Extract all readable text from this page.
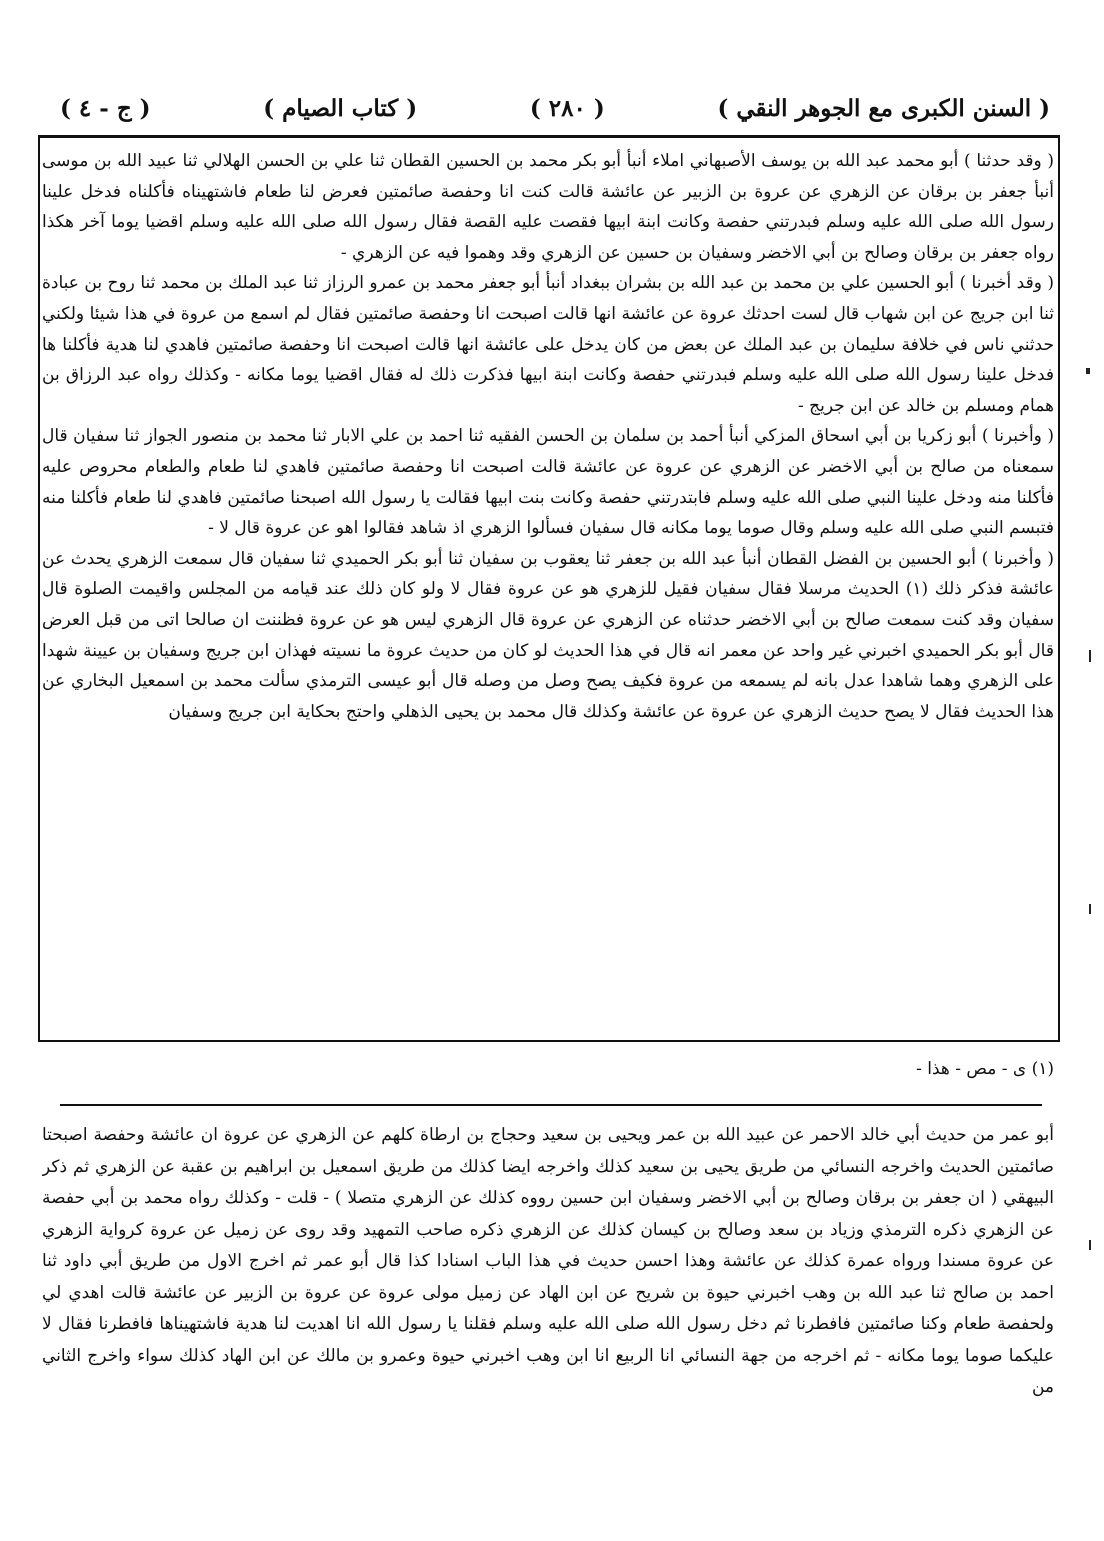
( السنن الكبرى مع الجوهر النقي )
( ٢٨٠ )
( كتاب الصيام )
( ج - ٤ )

( وقد حدثنا ) أبو محمد عبد الله بن يوسف الأصبهاني املاء أنبأ أبو بكر محمد بن الحسين القطان ثنا علي بن الحسن الهلالي ثنا عبيد الله بن موسى أنبأ جعفر بن برقان عن الزهري عن عروة بن الزبير عن عائشة قالت كنت انا وحفصة صائمتين فعرض لنا طعام فاشتهيناه فأكلناه فدخل علينا رسول الله صلى الله عليه وسلم فبدرتني حفصة وكانت ابنة ابيها فقصت عليه القصة فقال رسول الله صلى الله عليه وسلم اقضيا يوما آخر هكذا رواه جعفر بن برقان وصالح بن أبي الاخضر وسفيان بن حسين عن الزهري وقد وهموا فيه عن الزهري -

( وقد أخبرنا ) أبو الحسين علي بن محمد بن عبد الله بن بشران ببغداد أنبأ أبو جعفر محمد بن عمرو الرزاز ثنا عبد الملك بن محمد ثنا روح بن عبادة ثنا ابن جريج عن ابن شهاب قال لست احدثك عروة عن عائشة انها قالت اصبحت انا وحفصة صائمتين فقال لم اسمع من عروة في هذا شيئا ولكني حدثني ناس في خلافة سليمان بن عبد الملك عن بعض من كان يدخل على عائشة انها قالت اصبحت انا وحفصة صائمتين فاهدي لنا هدية فأكلنا ها فدخل علينا رسول الله صلى الله عليه وسلم فبدرتني حفصة وكانت ابنة ابيها فذكرت ذلك له فقال اقضيا يوما مكانه - وكذلك رواه عبد الرزاق بن همام ومسلم بن خالد عن ابن جريج -

( وأخبرنا ) أبو زكريا بن أبي اسحاق المزكي أنبأ أحمد بن سلمان بن الحسن الفقيه ثنا احمد بن علي الابار ثنا محمد بن منصور الجواز ثنا سفيان قال سمعناه من صالح بن أبي الاخضر عن الزهري عن عروة عن عائشة قالت اصبحت انا وحفصة صائمتين فاهدي لنا طعام والطعام محروص عليه فأكلنا منه ودخل علينا النبي صلى الله عليه وسلم فابتدرتني حفصة وكانت بنت ابيها فقالت يا رسول الله اصبحنا صائمتين فاهدي لنا طعام فأكلنا منه فتبسم النبي صلى الله عليه وسلم وقال صوما يوما مكانه قال سفيان فسألوا الزهري اذ شاهد فقالوا اهو عن عروة قال لا -

( وأخبرنا ) أبو الحسين بن الفضل القطان أنبأ عبد الله بن جعفر ثنا يعقوب بن سفيان ثنا أبو بكر الحميدي ثنا سفيان قال سمعت الزهري يحدث عن عائشة فذكر ذلك (١) الحديث مرسلا فقال سفيان فقيل للزهري هو عن عروة فقال لا ولو كان ذلك عند قيامه من المجلس واقيمت الصلوة قال سفيان وقد كنت سمعت صالح بن أبي الاخضر حدثناه عن الزهري عن عروة قال الزهري ليس هو عن عروة فظننت ان صالحا اتى من قبل العرض قال أبو بكر الحميدي اخبرني غير واحد عن معمر انه قال في هذا الحديث لو كان من حديث عروة ما نسيته فهذان ابن جريج وسفيان بن عيينة شهدا على الزهري وهما شاهدا عدل بانه لم يسمعه من عروة فكيف يصح وصل من وصله قال أبو عيسى الترمذي سألت محمد بن اسمعيل البخاري عن هذا الحديث فقال لا يصح حديث الزهري عن عروة عن عائشة وكذلك قال محمد بن يحيى الذهلي واحتج بحكاية ابن جريج وسفيان

(١) ى - مص - هذا -
أبو عمر من حديث أبي خالد الاحمر عن عبيد الله بن عمر ويحيى بن سعيد وحجاج بن ارطاة كلهم عن الزهري عن عروة ان عائشة وحفصة اصبحتا صائمتين الحديث واخرجه النسائي من طريق يحيى بن سعيد كذلك واخرجه ايضا كذلك من طريق اسمعيل بن ابراهيم بن عقبة عن الزهري ثم ذكر البيهقي ( ان جعفر بن برقان وصالح بن أبي الاخضر وسفيان ابن حسين رووه كذلك عن الزهري متصلا ) - قلت - وكذلك رواه محمد بن أبي حفصة عن الزهري ذكره الترمذي وزياد بن سعد وصالح بن كيسان كذلك عن الزهري ذكره صاحب التمهيد وقد روى عن زميل عن عروة كرواية الزهري عن عروة مسندا ورواه عمرة كذلك عن عائشة وهذا احسن حديث في هذا الباب اسنادا كذا قال أبو عمر ثم اخرج الاول من طريق أبي داود ثنا احمد بن صالح ثنا عبد الله بن وهب اخبرني حيوة بن شريح عن ابن الهاد عن زميل مولى عروة عن عروة بن الزبير عن عائشة قالت اهدي لي ولحفصة طعام وكنا صائمتين فافطرنا ثم دخل رسول الله صلى الله عليه وسلم فقلنا يا رسول الله انا اهديت لنا هدية فاشتهيناها فافطرنا فقال لا عليكما صوما يوما مكانه - ثم اخرجه من جهة النسائي انا الربيع انا ابن وهب اخبرني حيوة وعمرو بن مالك عن ابن الهاد كذلك سواء واخرج الثاني من
